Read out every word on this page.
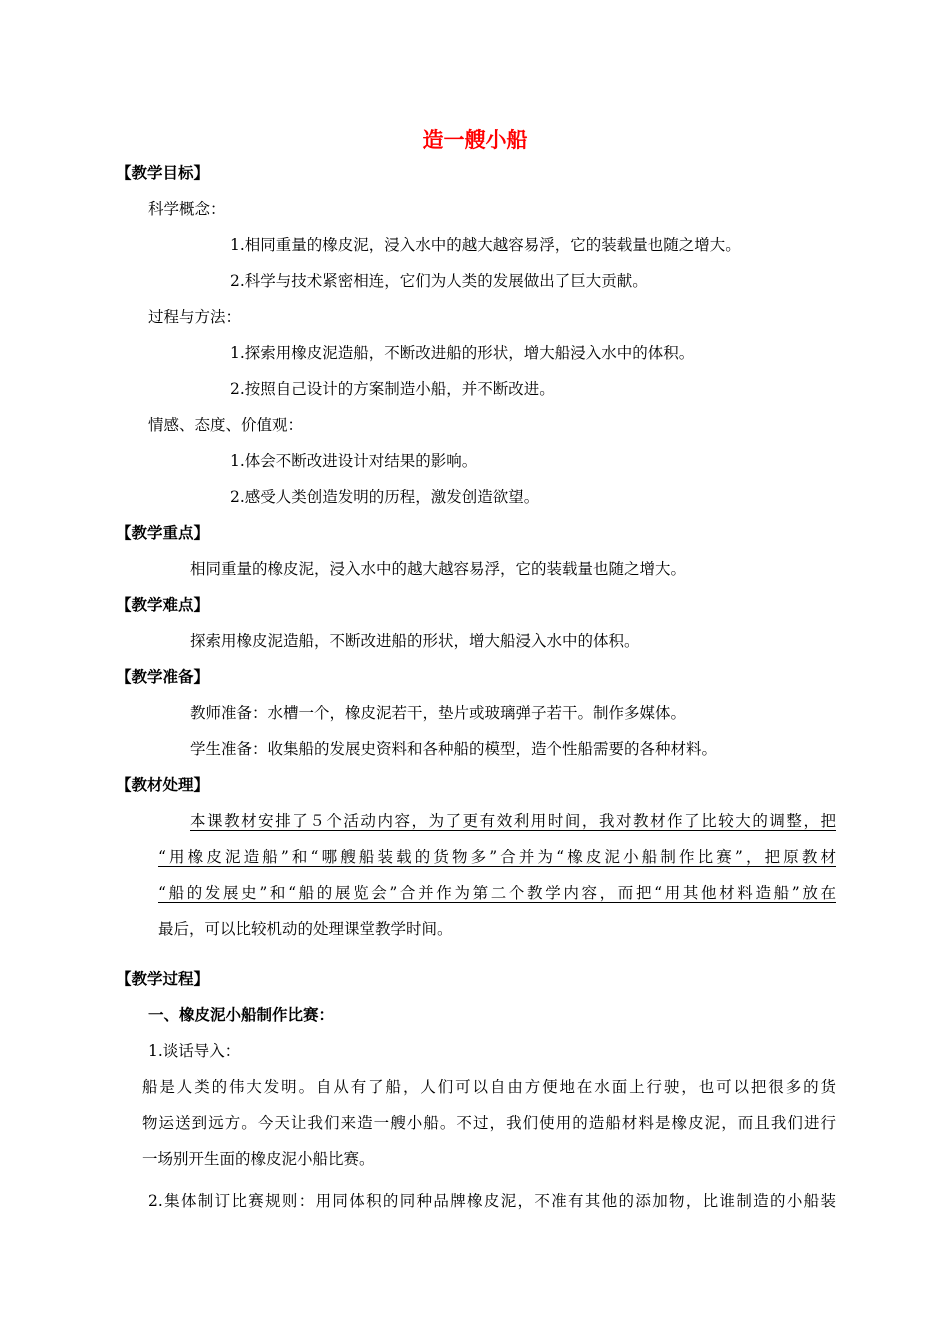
造一艘小船
【教学目标】
科学概念：
1.相同重量的橡皮泥，浸入水中的越大越容易浮，它的装载量也随之增大。
2.科学与技术紧密相连，它们为人类的发展做出了巨大贡献。
过程与方法：
1.探索用橡皮泥造船，不断改进船的形状，增大船浸入水中的体积。
2.按照自己设计的方案制造小船，并不断改进。
情感、态度、价值观：
1.体会不断改进设计对结果的影响。
2.感受人类创造发明的历程，激发创造欲望。
【教学重点】
相同重量的橡皮泥，浸入水中的越大越容易浮，它的装载量也随之增大。
【教学难点】
探索用橡皮泥造船，不断改进船的形状，增大船浸入水中的体积。
【教学准备】
教师准备：水槽一个，橡皮泥若干，垫片或玻璃弹子若干。制作多媒体。
学生准备：收集船的发展史资料和各种船的模型，造个性船需要的各种材料。
【教材处理】
本课教材安排了５个活动内容，为了更有效利用时间，我对教材作了比较大的调整，把
“用橡皮泥造船”和“哪艘船装载的货物多”合并为“橡皮泥小船制作比赛”，把原教材
“船的发展史”和“船的展览会”合并作为第二个教学内容，而把“用其他材料造船”放在
最后，可以比较机动的处理课堂教学时间。
【教学过程】
一、橡皮泥小船制作比赛：
1.谈话导入：
船是人类的伟大发明。自从有了船，人们可以自由方便地在水面上行驶，也可以把很多的货
物运送到远方。今天让我们来造一艘小船。不过，我们使用的造船材料是橡皮泥，而且我们进行
一场别开生面的橡皮泥小船比赛。
2.集体制订比赛规则：用同体积的同种品牌橡皮泥，不准有其他的添加物，比谁制造的小船装
